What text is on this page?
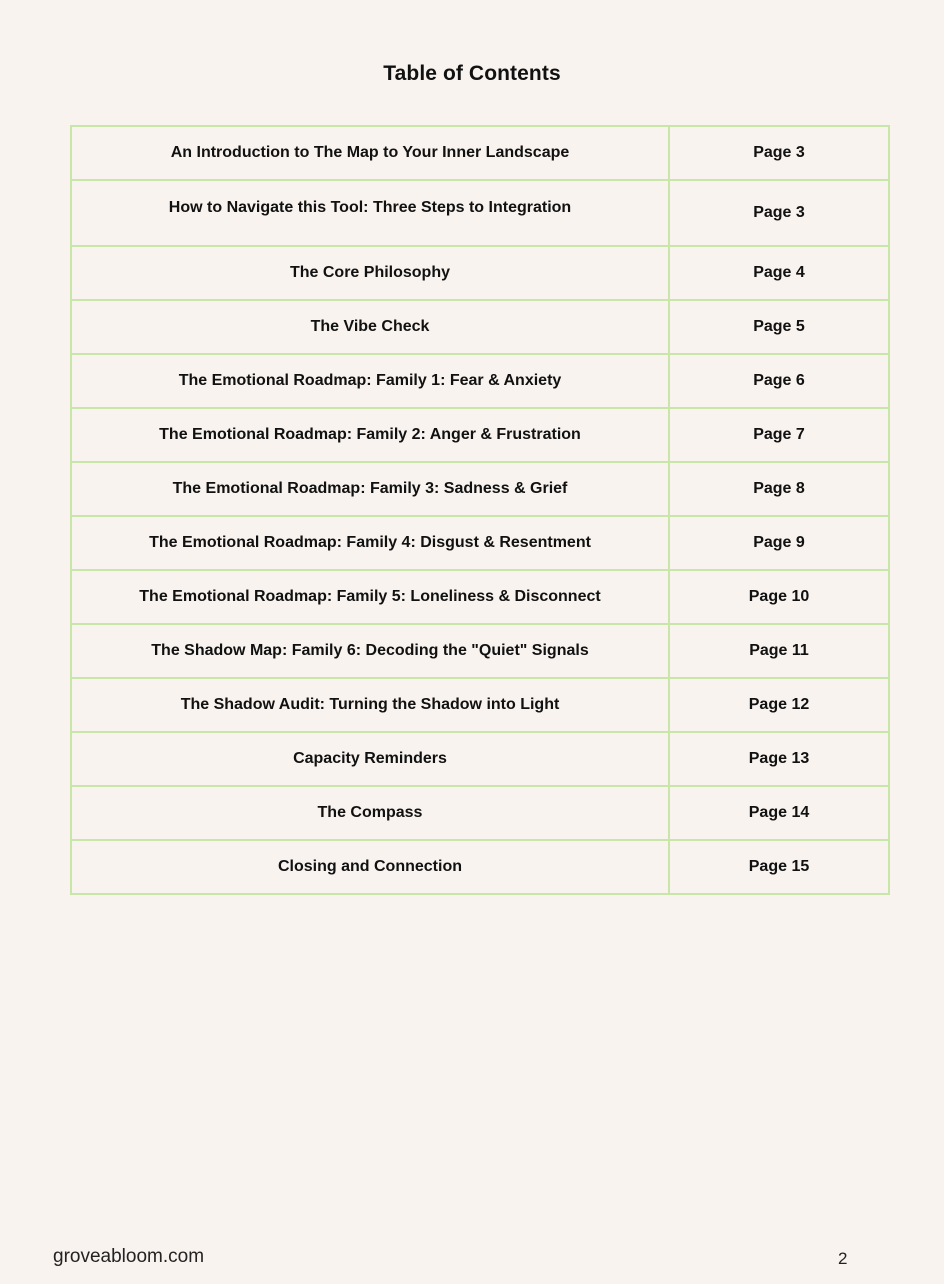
Table of Contents
An Introduction to The Map to Your Inner Landscape	Page 3
How to Navigate this Tool: Three Steps to Integration	Page 3
The Core Philosophy	Page 4
The Vibe Check	Page 5
The Emotional Roadmap: Family 1: Fear & Anxiety	Page 6
The Emotional Roadmap: Family 2: Anger & Frustration	Page 7
The Emotional Roadmap: Family 3: Sadness & Grief	Page 8
The Emotional Roadmap: Family 4: Disgust & Resentment	Page 9
The Emotional Roadmap: Family 5: Loneliness & Disconnect	Page 10
The Shadow Map: Family 6: Decoding the "Quiet" Signals	Page 11
The Shadow Audit: Turning the Shadow into Light	Page 12
Capacity Reminders	Page 13
The Compass	Page 14
Closing and Connection	Page 15
groveabloom.com	2
